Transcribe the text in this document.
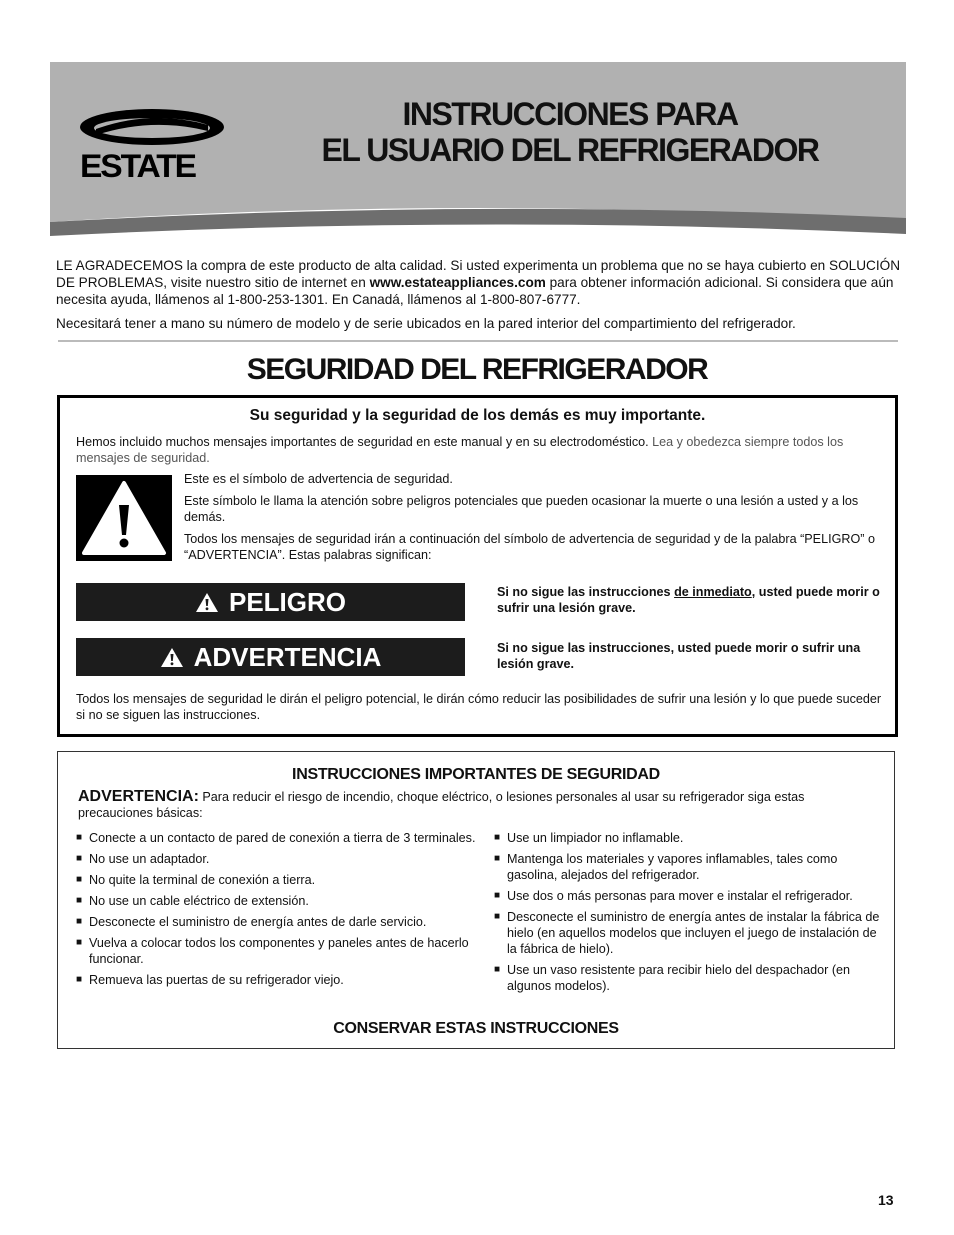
ESTATE
INSTRUCCIONES PARA
EL USUARIO DEL REFRIGERADOR
LE AGRADECEMOS la compra de este producto de alta calidad. Si usted experimenta un problema que no se haya cubierto en SOLUCIÓN DE PROBLEMAS, visite nuestro sitio de internet en www.estateappliances.com para obtener información adicional. Si considera que aún necesita ayuda, llámenos al 1-800-253-1301. En Canadá, llámenos al 1-800-807-6777.
Necesitará tener a mano su número de modelo y de serie ubicados en la pared interior del compartimiento del refrigerador.
SEGURIDAD DEL REFRIGERADOR
Su seguridad y la seguridad de los demás es muy importante.
Hemos incluido muchos mensajes importantes de seguridad en este manual y en su electrodoméstico. Lea y obedezca siempre todos los mensajes de seguridad.

Este es el símbolo de advertencia de seguridad.

Este símbolo le llama la atención sobre peligros potenciales que pueden ocasionar la muerte o una lesión a usted y a los demás.

Todos los mensajes de seguridad irán a continuación del símbolo de advertencia de seguridad y de la palabra “PELIGRO” o “ADVERTENCIA”. Estas palabras significan:

PELIGRO	Si no sigue las instrucciones de inmediato, usted puede morir o sufrir una lesión grave.
ADVERTENCIA	Si no sigue las instrucciones, usted puede morir o sufrir una lesión grave.
Todos los mensajes de seguridad le dirán el peligro potencial, le dirán cómo reducir las posibilidades de sufrir una lesión y lo que puede suceder si no se siguen las instrucciones.
INSTRUCCIONES IMPORTANTES DE SEGURIDAD
ADVERTENCIA: Para reducir el riesgo de incendio, choque eléctrico, o lesiones personales al usar su refrigerador siga estas precauciones básicas:
■ Conecte a un contacto de pared de conexión a tierra de 3 terminales.
■ No use un adaptador.
■ No quite la terminal de conexión a tierra.
■ No use un cable eléctrico de extensión.
■ Desconecte el suministro de energía antes de darle servicio.
■ Vuelva a colocar todos los componentes y paneles antes de hacerlo funcionar.
■ Remueva las puertas de su refrigerador viejo.
■ Use un limpiador no inflamable.
■ Mantenga los materiales y vapores inflamables, tales como gasolina, alejados del refrigerador.
■ Use dos o más personas para mover e instalar el refrigerador.
■ Desconecte el suministro de energía antes de instalar la fábrica de hielo (en aquellos modelos que incluyen el juego de instalación de la fábrica de hielo).
■ Use un vaso resistente para recibir hielo del despachador (en algunos modelos).
CONSERVAR ESTAS INSTRUCCIONES
13
